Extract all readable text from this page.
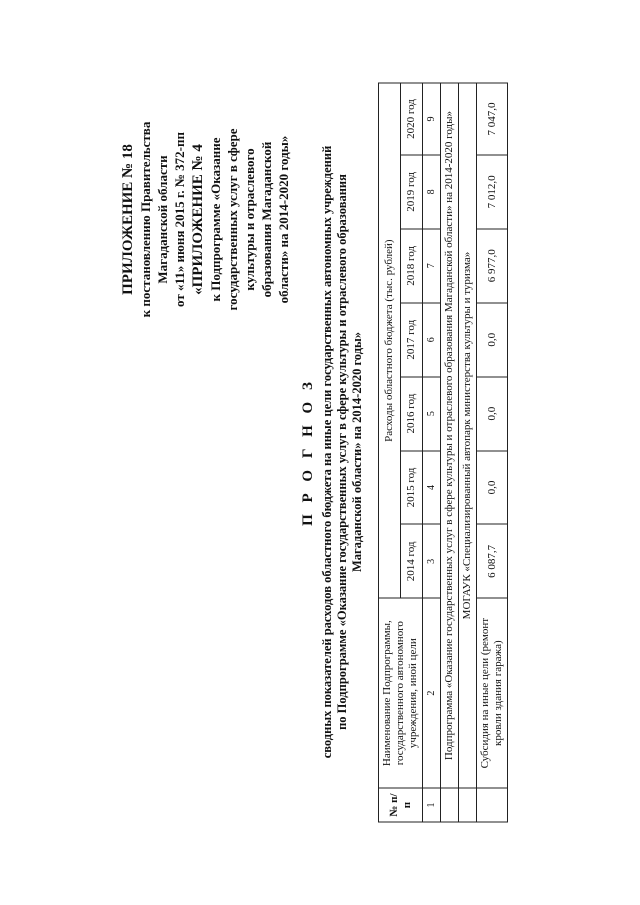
ПРИЛОЖЕНИЕ № 18 к постановлению Правительства Магаданской области от «11» июня 2015 г. № 372-пп «ПРИЛОЖЕНИЕ № 4 к Подпрограмме «Оказание государственных услуг в сфере культуры и отраслевого образования Магаданской области» на 2014-2020 годы»
П Р О Г Н О З сводных показателей расходов областного бюджета на иные цели государственных автономных учреждений по Подпрограмме «Оказание государственных услуг в сфере культуры и отраслевого образования Магаданской области» на 2014-2020 годы»
№ п/п	Наименование Подпрограммы, государственного автономного учреждения, иной цели	Расходы областного бюджета (тыс. рублей)						
		2014 год	2015 год	2016 год	2017 год	2018 год	2019 год	2020 год
1	2	3	4	5	6	7	8	9
	Подпрограмма «Оказание государственных услуг в сфере культуры и отраслевого образования Магаданской области» на 2014-2020 годы»							
	МОГАУК «Специализированный автопарк министерства культуры и туризма»							
	Субсидия на иные цели (ремонт кровли здания гаража)	6 087,7	0,0	0,0	0,0	6 977,0	7 012,0	7 047,0
